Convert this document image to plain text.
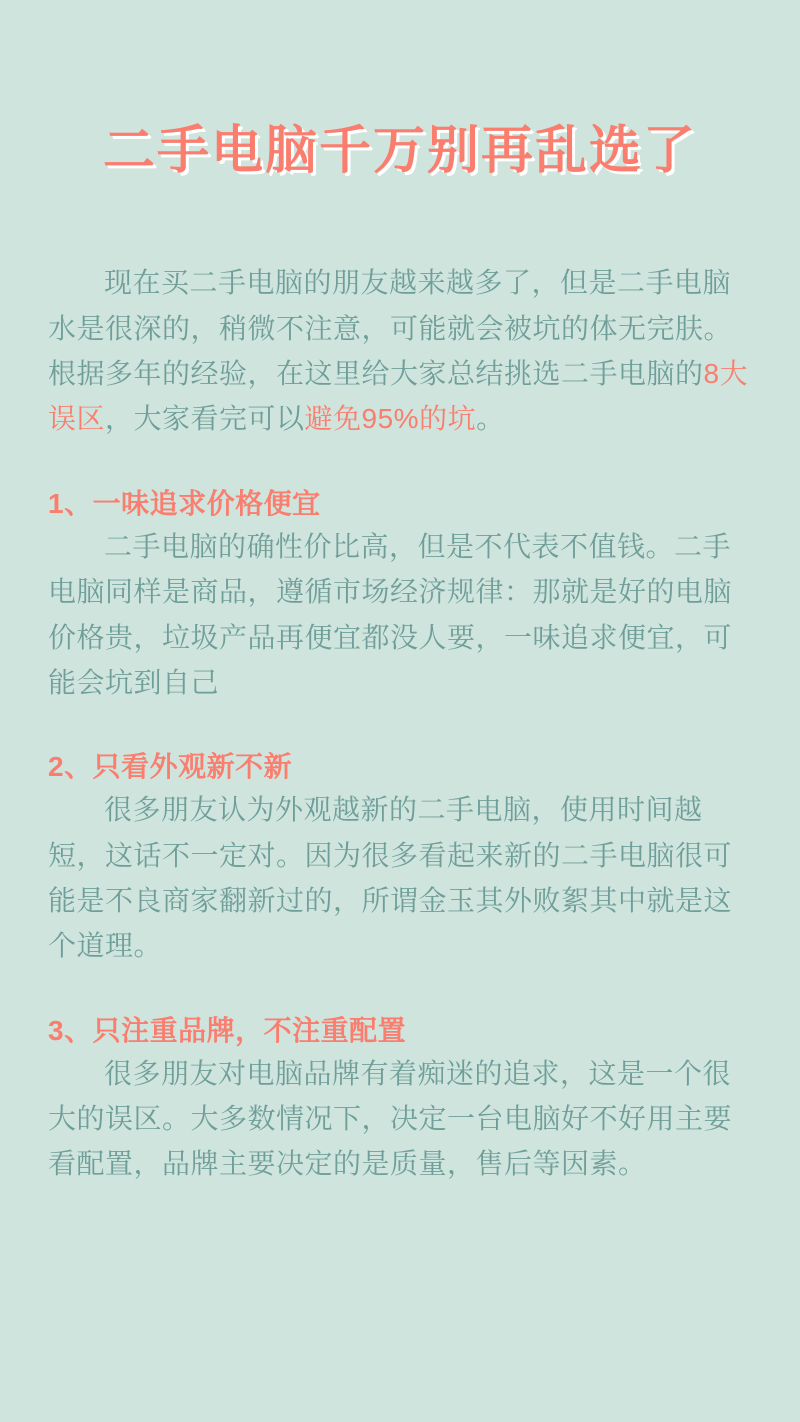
二手电脑千万别再乱选了

现在买二手电脑的朋友越来越多了，但是二手电脑水是很深的，稍微不注意，可能就会被坑的体无完肤。根据多年的经验，在这里给大家总结挑选二手电脑的8大误区，大家看完可以避免95%的坑。

1、一味追求价格便宜

二手电脑的确性价比高，但是不代表不值钱。二手电脑同样是商品，遵循市场经济规律：那就是好的电脑价格贵，垃圾产品再便宜都没人要，一味追求便宜，可能会坑到自己

2、只看外观新不新

很多朋友认为外观越新的二手电脑，使用时间越短，这话不一定对。因为很多看起来新的二手电脑很可能是不良商家翻新过的，所谓金玉其外败絮其中就是这个道理。

3、只注重品牌，不注重配置

很多朋友对电脑品牌有着痴迷的追求，这是一个很大的误区。大多数情况下，决定一台电脑好不好用主要看配置，品牌主要决定的是质量，售后等因素。
